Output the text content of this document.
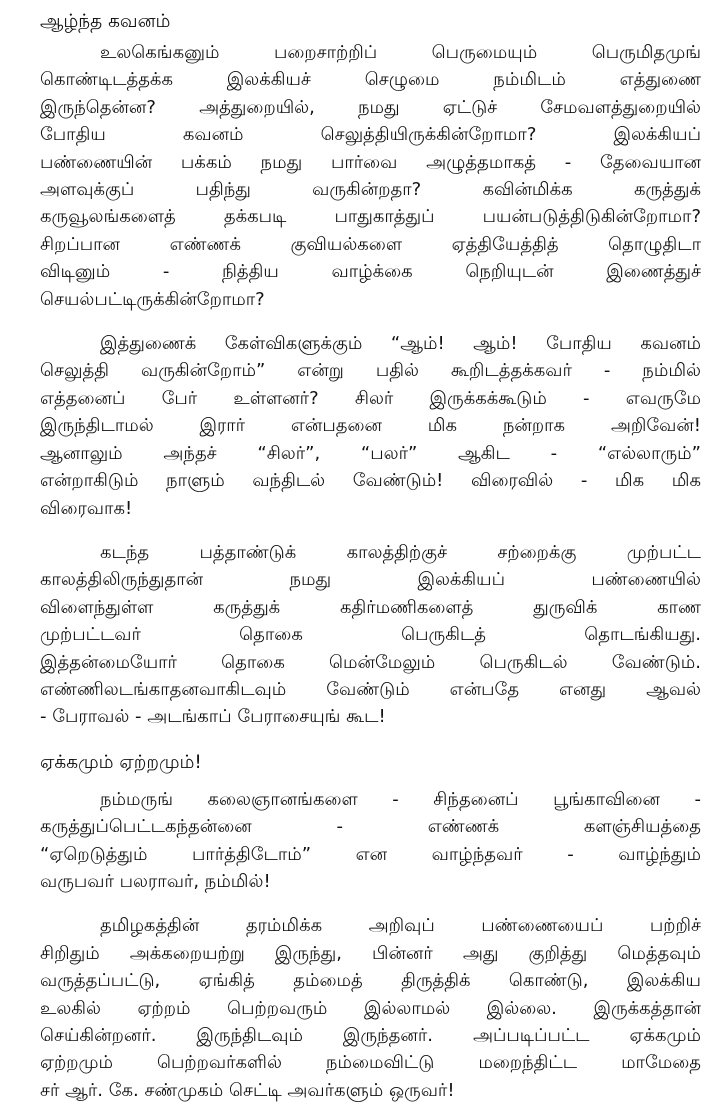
ஆழ்ந்த கவனம்

உலகெங்கனும் பறைசாற்றிப் பெருமையும் பெருமிதமுங்
கொண்டிடத்தக்க இலக்கியச் செழுமை நம்மிடம் எத்துணை
இருந்தென்ன? அத்துறையில், நமது ஏட்டுச் சேமவளத்துறையில்
போதிய கவனம் செலுத்தியிருக்கின்றோமா? இலக்கியப்
பண்ணையின் பக்கம் நமது பார்வை அழுத்தமாகத் - தேவையான
அளவுக்குப் பதிந்து வருகின்றதா? கவின்மிக்க கருத்துக்
கருவூலங்களைத் தக்கபடி பாதுகாத்துப் பயன்படுத்திடுகின்றோமா?
சிறப்பான எண்ணக் குவியல்களை ஏத்தியேத்தித் தொழுதிடா
விடினும் - நித்திய வாழ்க்கை நெறியுடன் இணைத்துச்
செயல்பட்டிருக்கின்றோமா?

இத்துணைக் கேள்விகளுக்கும் “ஆம்! ஆம்! போதிய கவனம்
செலுத்தி வருகின்றோம்” என்று பதில் கூறிடத்தக்கவர் - நம்மில்
எத்தனைப் பேர் உள்ளனர்? சிலர் இருக்கக்கூடும் - எவருமே
இருந்திடாமல் இரார் என்பதனை மிக நன்றாக அறிவேன்!
ஆனாலும் அந்தச் “சிலர்”, “பலர்” ஆகிட - “எல்லாரும்”
என்றாகிடும் நாளும் வந்திடல் வேண்டும்! விரைவில் - மிக மிக
விரைவாக!

கடந்த பத்தாண்டுக் காலத்திற்குச் சற்றைக்கு முற்பட்ட
காலத்திலிருந்துதான் நமது இலக்கியப் பண்ணையில்
விளைந்துள்ள கருத்துக் கதிர்மணிகளைத் துருவிக் காண
முற்பட்டவர் தொகை பெருகிடத் தொடங்கியது.
இத்தன்மையோர் தொகை மென்மேலும் பெருகிடல் வேண்டும்.
எண்ணிலடங்காதனவாகிடவும் வேண்டும் என்பதே எனது ஆவல்
- பேராவல் - அடங்காப் பேராசையுங் கூட!

ஏக்கமும் ஏற்றமும்!

நம்மருங் கலைஞானங்களை - சிந்தனைப் பூங்காவினை -
கருத்துப்பெட்டகந்தன்னை - எண்ணக் களஞ்சியத்தை
“ஏறெடுத்தும் பார்த்திடோம்” என வாழ்ந்தவர் - வாழ்ந்தும்
வருபவர் பலராவர், நம்மில்!

தமிழகத்தின் தரம்மிக்க அறிவுப் பண்ணையைப் பற்றிச்
சிறிதும் அக்கறையற்று இருந்து, பின்னர் அது குறித்து மெத்தவும்
வருத்தப்பட்டு, ஏங்கித் தம்மைத் திருத்திக் கொண்டு, இலக்கிய
உலகில் ஏற்றம் பெற்றவரும் இல்லாமல் இல்லை. இருக்கத்தான்
செய்கின்றனர். இருந்திடவும் இருந்தனர். அப்படிப்பட்ட ஏக்கமும்
ஏற்றமும் பெற்றவர்களில் நம்மைவிட்டு மறைந்திட்ட மாமேதை
சர் ஆர். கே. சண்முகம் செட்டி அவர்களும் ஒருவர்!
